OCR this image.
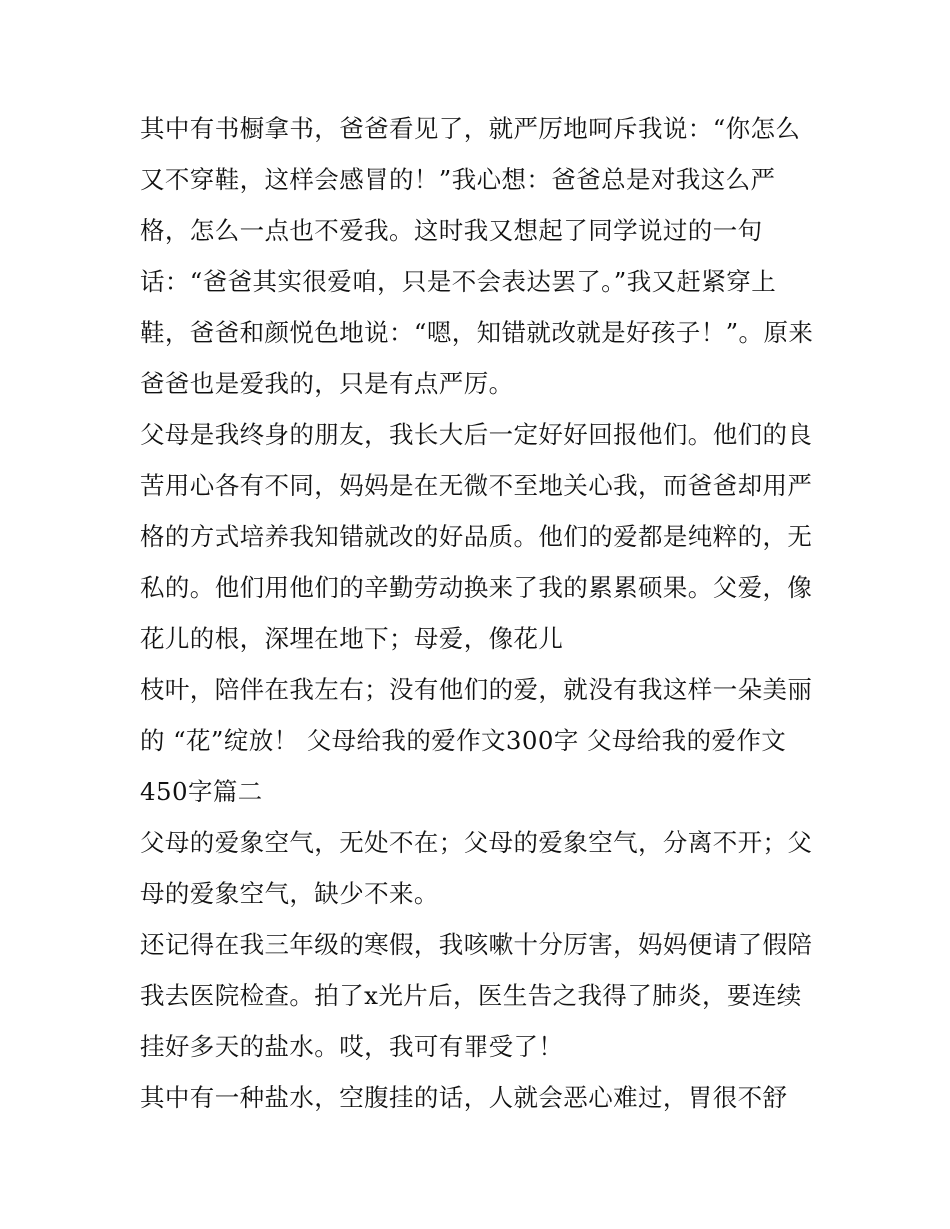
其中有书橱拿书，爸爸看见了，就严厉地呵斥我说：“你怎么
又不穿鞋，这样会感冒的！”我心想：爸爸总是对我这么严
格，怎么一点也不爱我。这时我又想起了同学说过的一句
话：“爸爸其实很爱咱，只是不会表达罢了。”我又赶紧穿上
鞋，爸爸和颜悦色地说：“嗯，知错就改就是好孩子！”。原来
爸爸也是爱我的，只是有点严厉。
父母是我终身的朋友，我长大后一定好好回报他们。他们的良
苦用心各有不同，妈妈是在无微不至地关心我，而爸爸却用严
格的方式培养我知错就改的好品质。他们的爱都是纯粹的，无
私的。他们用他们的辛勤劳动换来了我的累累硕果。父爱，像
花儿的根，深埋在地下；母爱，像花儿
枝叶，陪伴在我左右；没有他们的爱，就没有我这样一朵美丽
的 “花”绽放！ 父母给我的爱作文300字 父母给我的爱作文
450字篇二
父母的爱象空气，无处不在；父母的爱象空气，分离不开；父
母的爱象空气，缺少不来。
还记得在我三年级的寒假，我咳嗽十分厉害，妈妈便请了假陪
我去医院检查。拍了x光片后，医生告之我得了肺炎，要连续
挂好多天的盐水。哎，我可有罪受了！
其中有一种盐水，空腹挂的话，人就会恶心难过，胃很不舒
